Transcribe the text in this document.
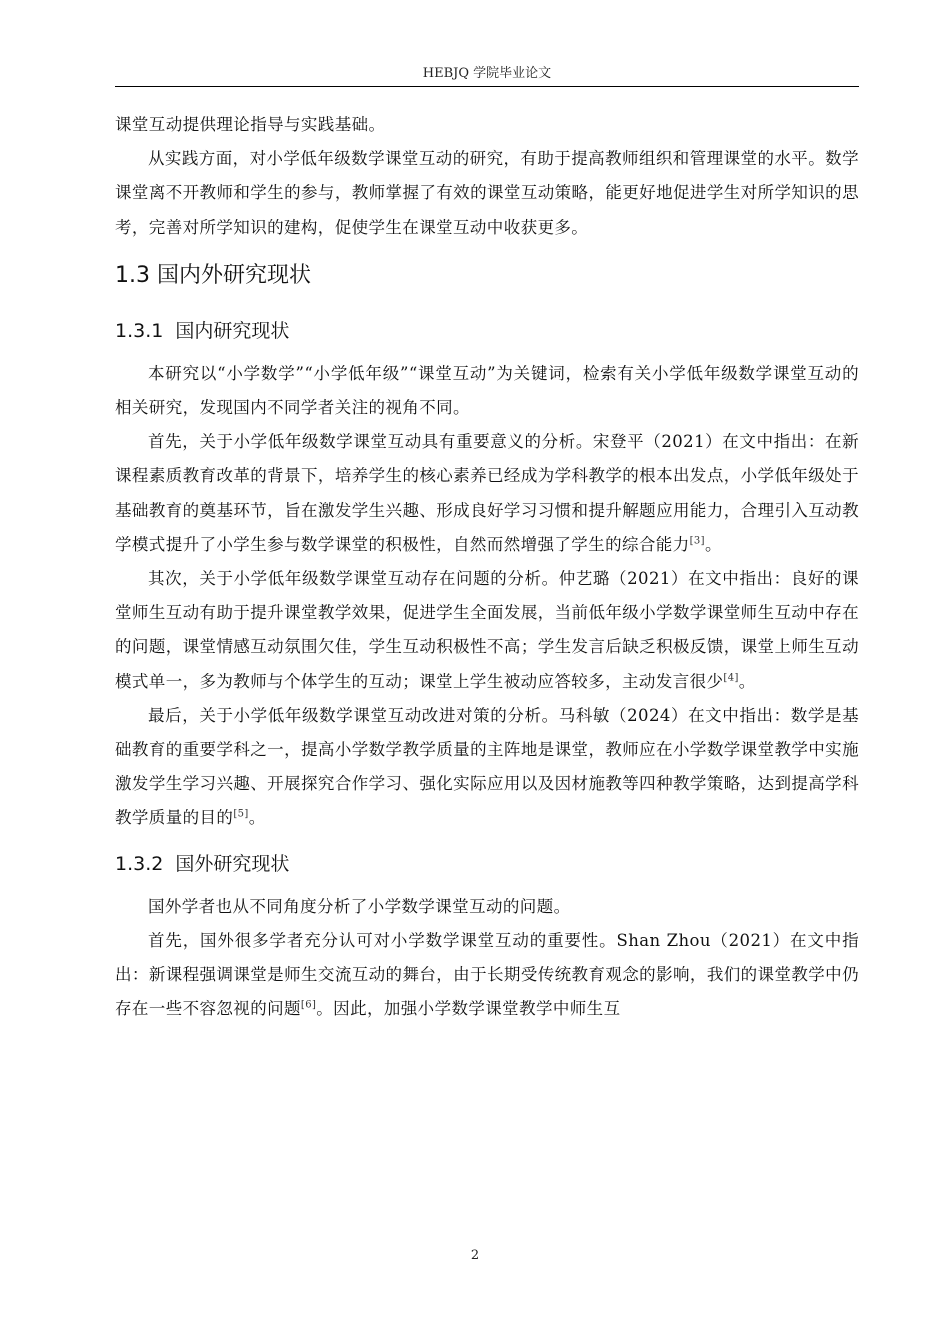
HEBJQ 学院毕业论文

课堂互动提供理论指导与实践基础。

从实践方面，对小学低年级数学课堂互动的研究，有助于提高教师组织和管理课堂的水平。数学课堂离不开教师和学生的参与，教师掌握了有效的课堂互动策略，能更好地促进学生对所学知识的思考，完善对所学知识的建构，促使学生在课堂互动中收获更多。

1.3 国内外研究现状
1.3.1 国内研究现状

本研究以“小学数学”“小学低年级”“课堂互动”为关键词，检索有关小学低年级数学课堂互动的相关研究，发现国内不同学者关注的视角不同。

首先，关于小学低年级数学课堂互动具有重要意义的分析。宋登平（2021）在文中指出：在新课程素质教育改革的背景下，培养学生的核心素养已经成为学科教学的根本出发点，小学低年级处于基础教育的奠基环节，旨在激发学生兴趣、形成良好学习习惯和提升解题应用能力，合理引入互动教学模式提升了小学生参与数学课堂的积极性，自然而然增强了学生的综合能力[3]。

其次，关于小学低年级数学课堂互动存在问题的分析。仲艺璐（2021）在文中指出：良好的课堂师生互动有助于提升课堂教学效果，促进学生全面发展，当前低年级小学数学课堂师生互动中存在的问题，课堂情感互动氛围欠佳，学生互动积极性不高；学生发言后缺乏积极反馈，课堂上师生互动模式单一，多为教师与个体学生的互动；课堂上学生被动应答较多，主动发言很少[4]。

最后，关于小学低年级数学课堂互动改进对策的分析。马科敏（2024）在文中指出：数学是基础教育的重要学科之一，提高小学数学教学质量的主阵地是课堂，教师应在小学数学课堂教学中实施激发学生学习兴趣、开展探究合作学习、强化实际应用以及因材施教等四种教学策略，达到提高学科教学质量的目的[5]。

1.3.2 国外研究现状

国外学者也从不同角度分析了小学数学课堂互动的问题。

首先，国外很多学者充分认可对小学数学课堂互动的重要性。Shan Zhou（2021）在文中指出：新课程强调课堂是师生交流互动的舞台，由于长期受传统教育观念的影响，我们的课堂教学中仍存在一些不容忽视的问题[6]。因此，加强小学数学课堂教学中师生互

2
